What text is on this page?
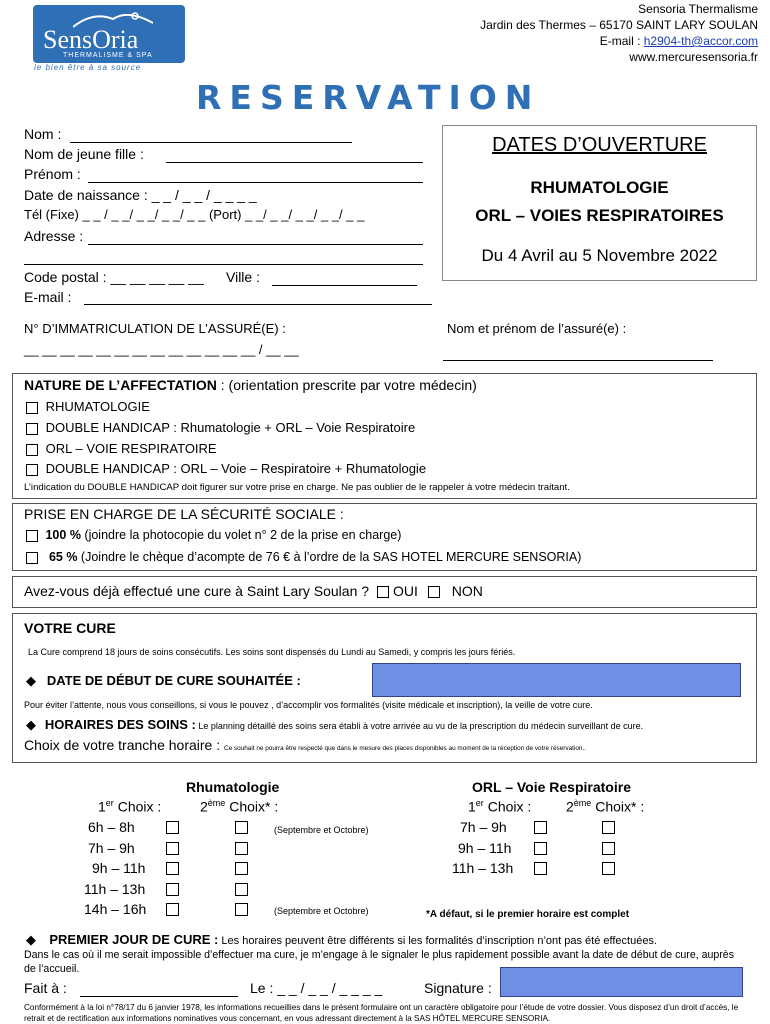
SensOria
THERMALISME & SPA
le bien être à sa source
Sensoria Thermalisme
Jardin des Thermes – 65170 SAINT LARY SOULAN
E-mail : h2904-th@accor.com
www.mercuresensoria.fr
RESERVATION
Nom :
Nom de jeune fille :
Prénom :
Date de naissance : _ _ / _ _ / _ _ _ _
Tél (Fixe) _ _ / _ _/ _ _/ _ _/ _ _ (Port) _ _/ _ _/ _ _/ _ _/ _ _
Adresse :
Code postal : __ __ __ __ __ Ville :
E-mail :
DATES D’OUVERTURE
RHUMATOLOGIE
ORL – VOIES RESPIRATOIRES
Du 4 Avril au 5 Novembre 2022
N° D’IMMATRICULATION DE L’ASSURÉ(E) :
__ __ __ __ __ __ __ __ __ __ __ __ __ / __ __
Nom et prénom de l’assuré(e) :
NATURE DE L’AFFECTATION : (orientation prescrite par votre médecin)
RHUMATOLOGIE
DOUBLE HANDICAP : Rhumatologie + ORL – Voie Respiratoire
ORL – VOIE RESPIRATOIRE
DOUBLE HANDICAP : ORL – Voie – Respiratoire + Rhumatologie
L’indication du DOUBLE HANDICAP doit figurer sur votre prise en charge. Ne pas oublier de le rappeler à votre médecin traitant.
PRISE EN CHARGE DE LA SÉCURITÉ SOCIALE :
100 % (joindre la photocopie du volet n° 2 de la prise en charge)
65 % (Joindre le chèque d’acompte de 76 € à l’ordre de la SAS HOTEL MERCURE SENSORIA)
Avez-vous déjà effectué une cure à Saint Lary Soulan ? OUI NON
VOTRE CURE
La Cure comprend 18 jours de soins consécutifs. Les soins sont dispensés du Lundi au Samedi, y compris les jours fériés.
◆ DATE DE DÉBUT DE CURE SOUHAITÉE :
Pour éviter l’attente, nous vous conseillons, si vous le pouvez , d’accomplir vos formalités (visite médicale et inscription), la veille de votre cure.
◆ HORAIRES DES SOINS : Le planning détaillé des soins sera établi à votre arrivée au vu de la prescription du médecin surveillant de cure.
Choix de votre tranche horaire : Ce souhait ne pourra être respecté que dans le mesure des places disponibles au moment de la réception de votre réservation..
Rhumatologie
1er Choix :	2ème Choix* :
6h – 8h
7h – 9h
9h – 11h
11h – 13h
14h – 16h
(Septembre et Octobre)
(Septembre et Octobre)
ORL – Voie Respiratoire
1er Choix : 2ème Choix* :
7h – 9h
9h – 11h
11h – 13h
*A défaut, si le premier horaire est complet
◆ PREMIER JOUR DE CURE : Les horaires peuvent être différents si les formalités d’inscription n’ont pas été effectuées.
Dans le cas où il me serait impossible d’effectuer ma cure, je m’engage à le signaler le plus rapidement possible avant la date de début de cure, auprès de l’accueil.
Fait à :	Le : _ _ / _ _ / _ _ _ _	Signature :
Conformément à la loi n°78/17 du 6 janvier 1978, les informations recueillies dans le présent formulaire ont un caractère obligatoire pour l’étude de votre dossier. Vous disposez d’un droit d’accès, le retrait et de rectification aux informations nominatives vous concernant, en vous adressant directement à la SAS HÔTEL MERCURE SENSORIA.
